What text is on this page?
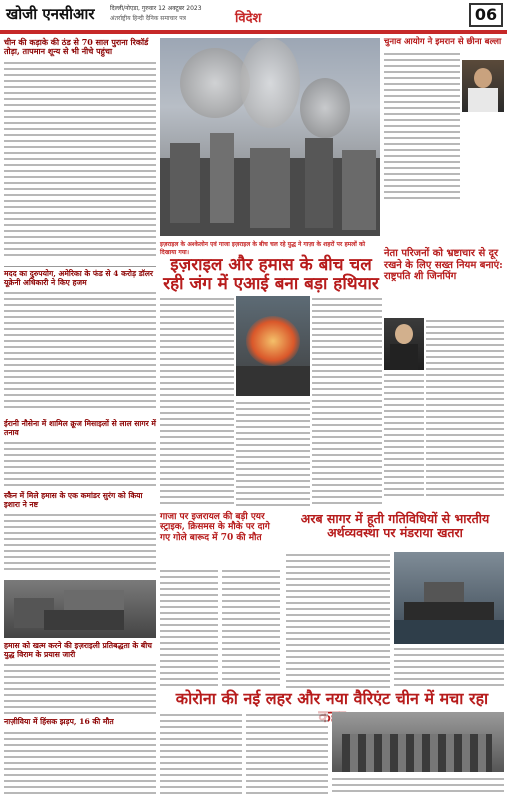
खोजी एनसीआर	दिल्ली/नोएडा, गुरुवार 12 अक्टूबर 2023
अंतर्राष्ट्रीय हिन्दी दैनिक समाचार पत्र	विदेश	06
चीन की कड़ाके की ठंड से 70 साल पुराना रिकॉर्ड तोड़ा, तापमान शून्य से भी नीचे पहुंचा
मदद का दुरुपयोग, अमेरिका के फंड से 4 करोड़ डॉलर यूक्रेनी अधिकारी ने किए हजम
ईरानी नौसेना में शामिल क्रूज मिसाइलों से लाल सागर में तनाव
स्कैन में मिले हमास के एक कमांडर सुरंग को किया इशारा ने नष्ट
हमास को खत्म करने की इज़राइली प्रतिबद्धता के बीच युद्ध विराम के प्रयास जारी
नाज़ीविया में हिंसक झड़प, 16 की मौत
चुनाव आयोग ने इमरान से छीना बल्ला
इज़राइल के अश्केलोन एवं गाजा इज़राइल के बीच चल रहे युद्ध ने गाज़ा के शहरों पर हमलों को दिखाया गया।
इज़राइल और हमास के बीच चल रही जंग में एआई बना बड़ा हथियार
नेता परिजनों को भ्रष्टाचार से दूर रखने के लिए सख्त नियम बनाएं: राष्ट्रपति शी जिनपिंग
गाजा पर इजरायल की बड़ी एयर स्ट्राइक, क्रिसमस के मौके पर दागे गए गोले बारूद में 70 की मौत
अरब सागर में हूती गतिविधियों से भारतीय अर्थव्यवस्था पर मंडराया खतरा
कोरोना की नई लहर और नया वैरिएंट चीन में मचा रहा
